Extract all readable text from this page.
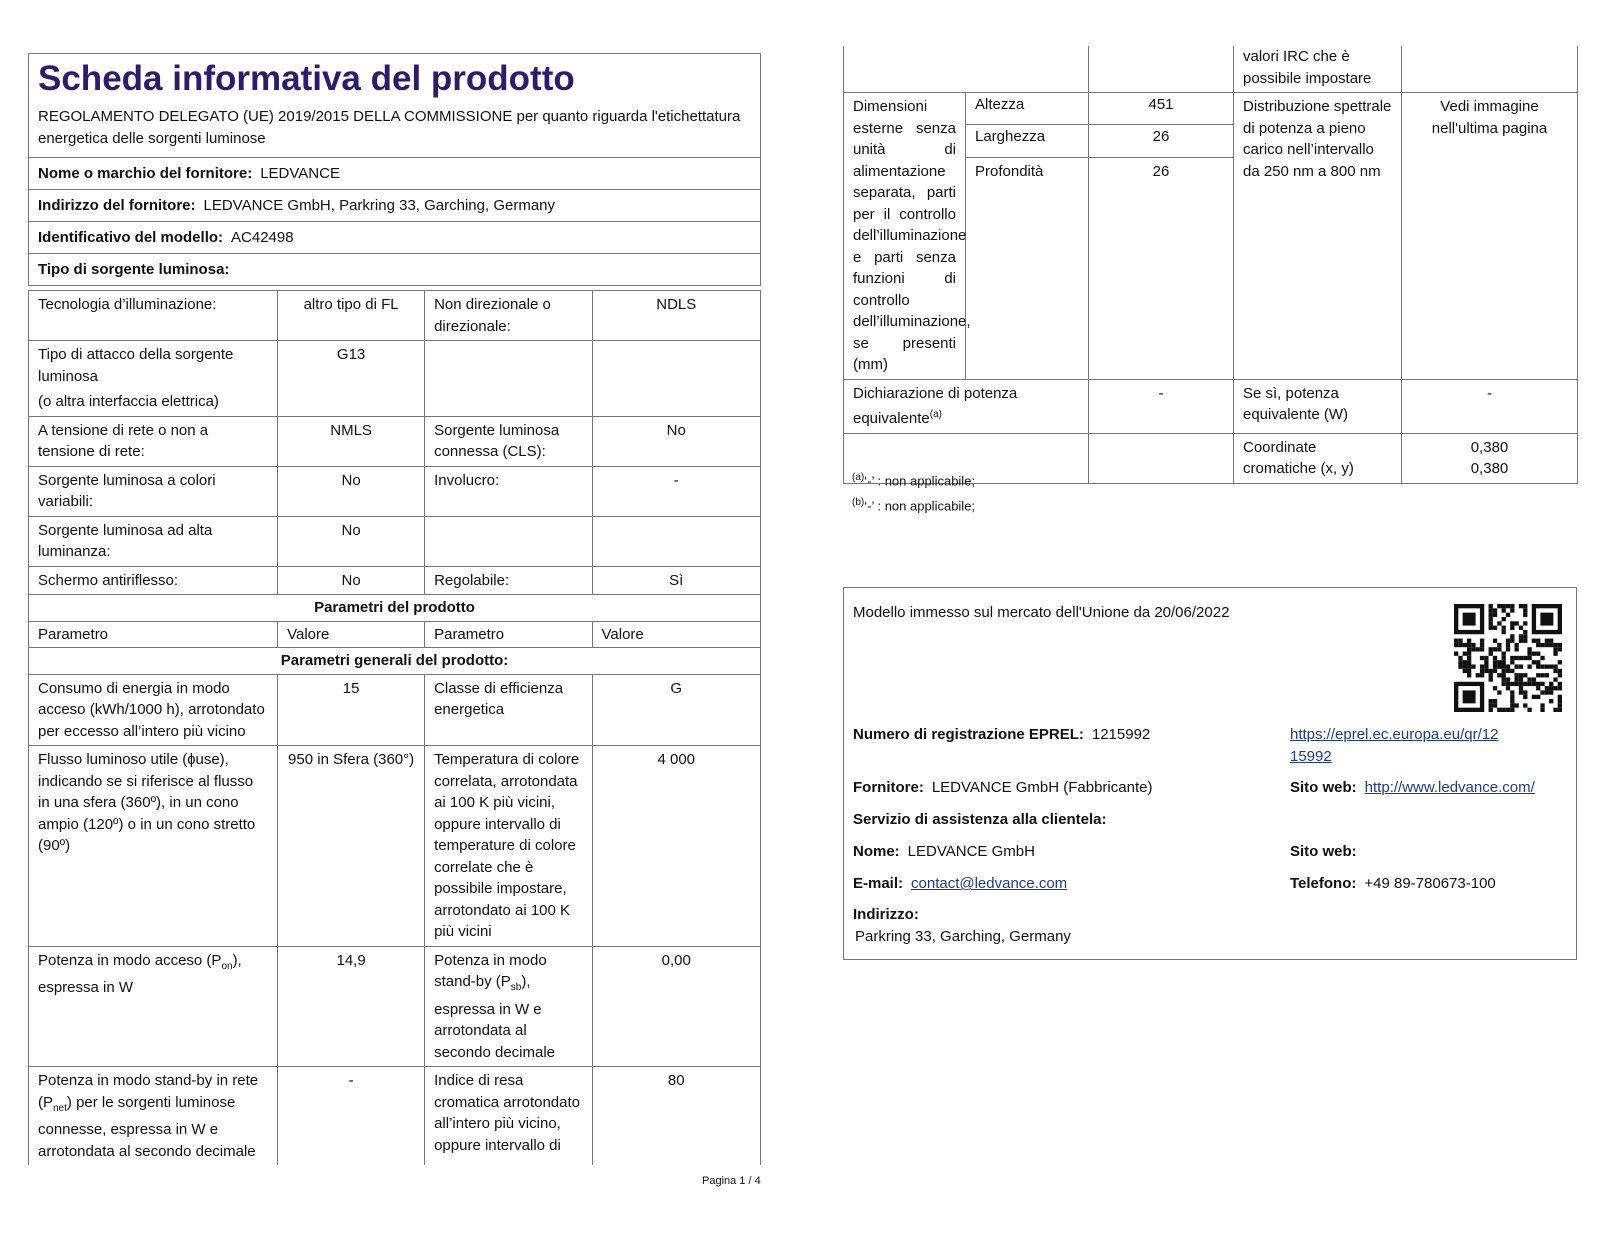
Scheda informativa del prodotto
REGOLAMENTO DELEGATO (UE) 2019/2015 DELLA COMMISSIONE per quanto riguarda l'etichettatura energetica delle sorgenti luminose
Nome o marchio del fornitore: LEDVANCE
Indirizzo del fornitore: LEDVANCE GmbH, Parkring 33, Garching, Germany
Identificativo del modello: AC42498
Tipo di sorgente luminosa:
Tecnologia d’illuminazione:	altro tipo di FL	Non direzionale o direzionale:	NDLS

Tipo di attacco della sorgente luminosa
(o altra interfaccia elettrica)	G13		
A tensione di rete o non a tensione di rete:	NMLS	Sorgente luminosa connessa (CLS):	No
Sorgente luminosa a colori variabili:	No	Involucro:	-
Sorgente luminosa ad alta luminanza:	No		
Schermo antiriflesso:	No	Regolabile:	Sì
Parametri del prodotto			
Parametro	Valore	Parametro	Valore
Parametri generali del prodotto:			
Consumo di energia in modo acceso (kWh/1000 h), arrotondato per eccesso all’intero più vicino	15	Classe di efficienza energetica	G
Flusso luminoso utile (ɸuse), indicando se si riferisce al flusso in una sfera (360º), in un cono ampio (120º) o in un cono stretto (90º)	950 in Sfera (360°)	Temperatura di colore correlata, arrotondata ai 100 K più vicini, oppure intervallo di temperature di colore correlate che è possibile impostare, arrotondato ai 100 K più vicini	4 000
Potenza in modo acceso $(P_{on})$, espressa in W	14,9	Potenza in modo stand-by $(P_{sb})$, espressa in W e arrotondata al secondo decimale	0,00
Potenza in modo stand-by in rete $(P_{net})$ per le sorgenti luminose connesse, espressa in W e arrotondata al secondo decimale	-	Indice di resa cromatica arrotondato all’intero più vicino, oppure intervallo di	80
			valori IRC che è possibile impostare	
Dimensioni esterne senza unità di alimentazione separata, parti per il controllo dell’illuminazione e parti senza funzioni di controllo dell’illuminazione, se presenti (mm)	Altezza	451	Distribuzione spettrale di potenza a pieno carico nell’intervallo da 250 nm a 800 nm	Vedi immagine nell'ultima pagina
	Larghezza	26		
	Profondità	26		
Dichiarazione di potenza equivalente$^{(a)}$		-	Se sì, potenza equivalente (W)	-
			Coordinate cromatiche (x, y)	0,380
0,380
$^{(a)}$‘-’ : non applicabile;
$^{(b)}$‘-’ : non applicabile;
Modello immesso sul mercato dell'Unione da 20/06/2022
Numero di registrazione EPREL: 1215992	https://eprel.ec.europa.eu/qr/12
15992
Fornitore: LEDVANCE GmbH (Fabbricante)	Sito web: http://www.ledvance.com/
Servizio di assistenza alla clientela:
Nome: LEDVANCE GmbH	Sito web:
E-mail: contact@ledvance.com	Telefono: +49 89-780673-100
Indirizzo:
Parkring 33, Garching, Germany
Pagina 1 / 4
